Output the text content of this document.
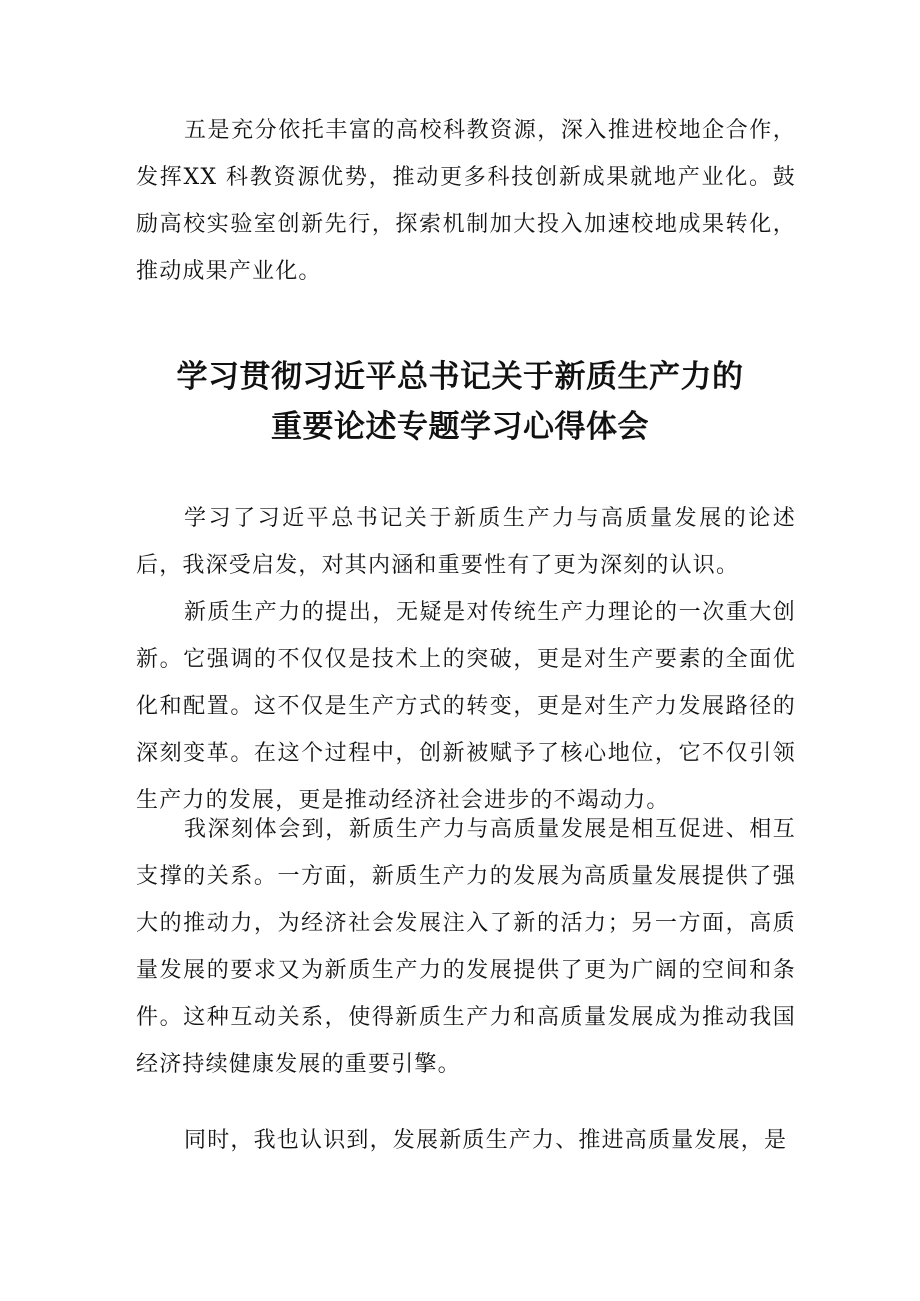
五是充分依托丰富的高校科教资源，深入推进校地企合作，发挥XX 科教资源优势，推动更多科技创新成果就地产业化。鼓励高校实验室创新先行，探索机制加大投入加速校地成果转化，推动成果产业化。

学习贯彻习近平总书记关于新质生产力的
重要论述专题学习心得体会

学习了习近平总书记关于新质生产力与高质量发展的论述后，我深受启发，对其内涵和重要性有了更为深刻的认识。

新质生产力的提出，无疑是对传统生产力理论的一次重大创新。它强调的不仅仅是技术上的突破，更是对生产要素的全面优化和配置。这不仅是生产方式的转变，更是对生产力发展路径的深刻变革。在这个过程中，创新被赋予了核心地位，它不仅引领生产力的发展，更是推动经济社会进步的不竭动力。

我深刻体会到，新质生产力与高质量发展是相互促进、相互支撑的关系。一方面，新质生产力的发展为高质量发展提供了强大的推动力，为经济社会发展注入了新的活力；另一方面，高质量发展的要求又为新质生产力的发展提供了更为广阔的空间和条件。这种互动关系，使得新质生产力和高质量发展成为推动我国经济持续健康发展的重要引擎。

同时，我也认识到，发展新质生产力、推进高质量发展，是
